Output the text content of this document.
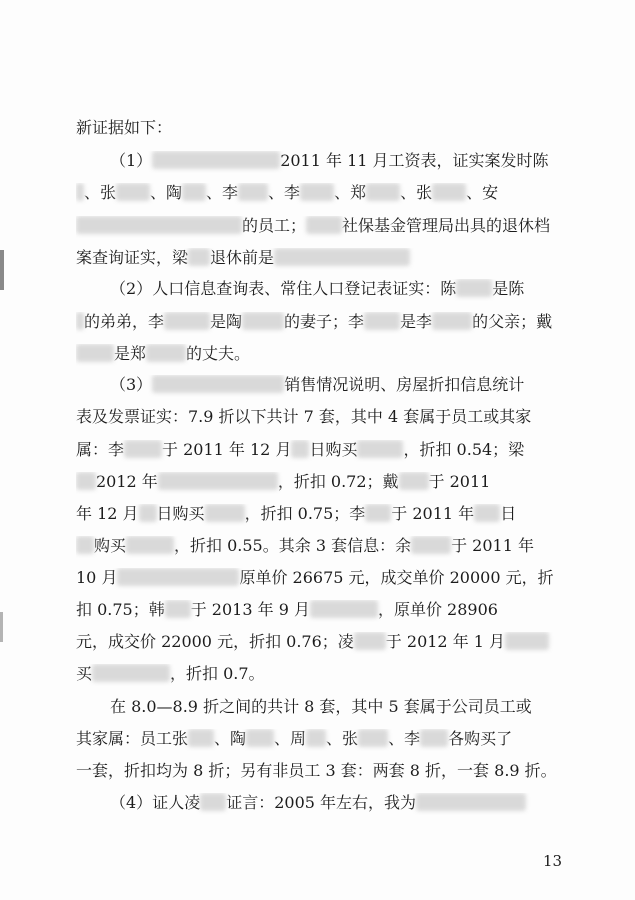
新证据如下：
（1）	2011 年 11 月工资表，证实案发时陈
、张 、陶 、李 、李 、郑 、张 、安
的员工； 社保基金管理局出具的退休档
案查询证实，梁 退休前是
（2）人口信息查询表、常住人口登记表证实：陈 是陈
的弟弟，李	是陶	的妻子；李 是李	的父亲；戴
是郑	的丈夫。
（3）	销售情况说明、房屋折扣信息统计
表及发票证实：7.9 折以下共计 7 套，其中 4 套属于员工或其家
属：李 于 2011 年 12 月 日购买	，折扣 0.54；梁
2012 年	，折扣 0.72；戴 于 2011
年 12 月 日购买	，折扣 0.75；李 于 2011 年 日
购买	，折扣 0.55。其余 3 套信息：余	于 2011 年
10 月	原单价 26675 元，成交单价 20000 元，折
扣 0.75；韩 于 2013 年 9 月	，原单价 28906
元，成交价 22000 元，折扣 0.76；凌 于 2012 年 1 月
买	，折扣 0.7。
在 8.0—8.9 折之间的共计 8 套，其中 5 套属于公司员工或
其家属：员工张 、陶 、周 、张 、李 各购买了
一套，折扣均为 8 折；另有非员工 3 套：两套 8 折，一套 8.9 折。
（4）证人凌 证言：2005 年左右，我为
13
